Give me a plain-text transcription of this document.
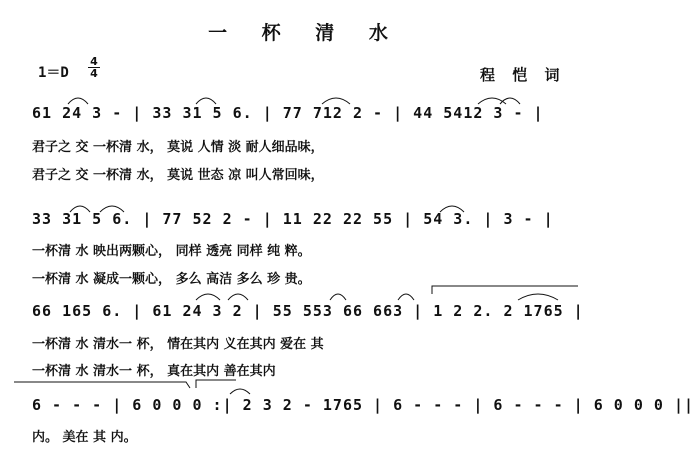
一 杯 清 水
1＝D
4
4	程 恺 词
61 24 3 - | 33 31 5 6. | 77 712 2 - | 44 5412 3 - |
君子之 交 一杯清 水， 莫说 人情 淡 耐人细品味，
君子之 交 一杯清 水， 莫说 世态 凉 叫人常回味，
33 31 5 6. | 77 52 2 - | 11 22 22 55 | 54 3. | 3 - |
一杯清 水 映出两颗心， 同样 透亮 同样 纯 粹。
一杯清 水 凝成一颗心， 多么 高洁 多么 珍 贵。
66 165 6. | 61 24 3 2 | 55 553 66 663 | 1 2 2. 2 1765 |
一杯清 水 清水一 杯， 情在其内 义在其内 爱在 其
一杯清 水 清水一 杯， 真在其内 善在其内
6 - - - | 6 0 0 0 :| 2 3 2 - 1765 | 6 - - - | 6 - - - | 6 0 0 0 ||
内。 美在 其 内。
